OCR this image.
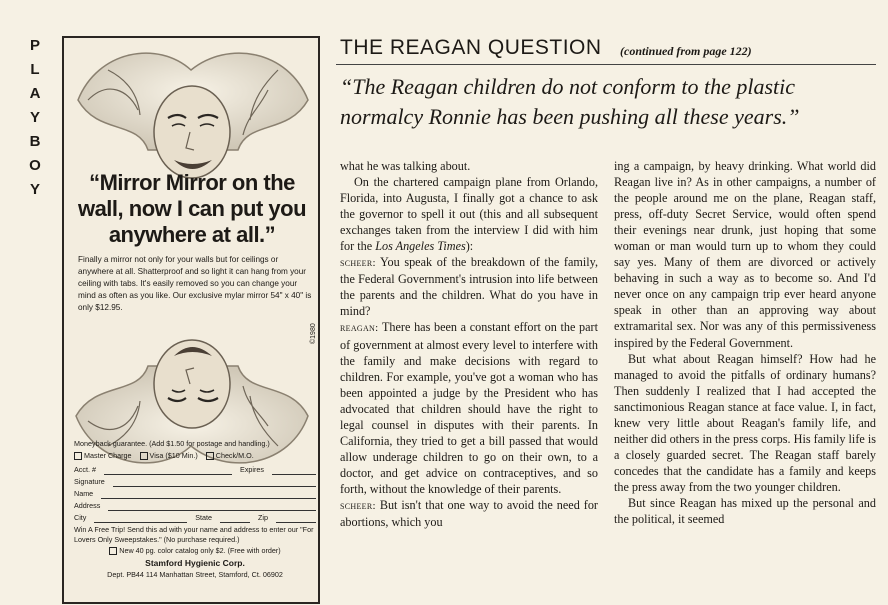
P
L
A
Y
B
O
Y	“Mirror Mirror on the wall, now I can put you anywhere at all.”
Finally a mirror not only for your walls but for ceilings or anywhere at all. Shatterproof and so light it can hang from your ceiling with tabs. It's easily removed so you can change your mind as often as you like. Our exclusive mylar mirror 54" x 40" is only $12.95.
©1980
Moneyback guarantee. (Add $1.50 for postage and handling.)
Master Charge	Visa ($10 Min.)	Check/M.O.
Acct. #	Expires
Signature
Name
Address
City	State	Zip
Win A Free Trip! Send this ad with your name and address to enter our "For Lovers Only Sweepstakes." (No purchase required.)
New 40 pg. color catalog only $2. (Free with order)
Stamford Hygienic Corp.
Dept. PB44 114 Manhattan Street, Stamford, Ct. 06902
THE REAGAN QUESTION (continued from page 122)
“The Reagan children do not conform to the plastic normalcy Ronnie has been pushing all these years.”

what he was talking about.

On the chartered campaign plane from Orlando, Florida, into Augusta, I finally got a chance to ask the governor to spell it out (this and all subsequent exchanges taken from the interview I did with him for the Los Angeles Times):

scheer: You speak of the breakdown of the family, the Federal Government's intrusion into life between the parents and the children. What do you have in mind?

reagan: There has been a constant effort on the part of government at almost every level to interfere with the family and make decisions with regard to children. For example, you've got a woman who has been appointed a judge by the President who has advocated that children should have the right to legal counsel in disputes with their parents. In California, they tried to get a bill passed that would allow underage children to go on their own, to a doctor, and get advice on contraceptives, and so forth, without the knowledge of their parents.

scheer: But isn't that one way to avoid the need for abortions, which you

ing a campaign, by heavy drinking. What world did Reagan live in? As in other campaigns, a number of the people around me on the plane, Reagan staff, press, off-duty Secret Service, would often spend their evenings near drunk, just hoping that some woman or man would turn up to whom they could say yes. Many of them are divorced or actively behaving in such a way as to become so. And I'd never once on any campaign trip ever heard anyone speak in other than an approving way about extramarital sex. Nor was any of this permissiveness inspired by the Federal Government.

But what about Reagan himself? How had he managed to avoid the pitfalls of ordinary humans? Then suddenly I realized that I had accepted the sanctimonious Reagan stance at face value. I, in fact, knew very little about Reagan's family life, and neither did others in the press corps. His family life is a closely guarded secret. The Reagan staff barely concedes that the candidate has a family and keeps the press away from the two younger children.

But since Reagan has mixed up the personal and the political, it seemed
